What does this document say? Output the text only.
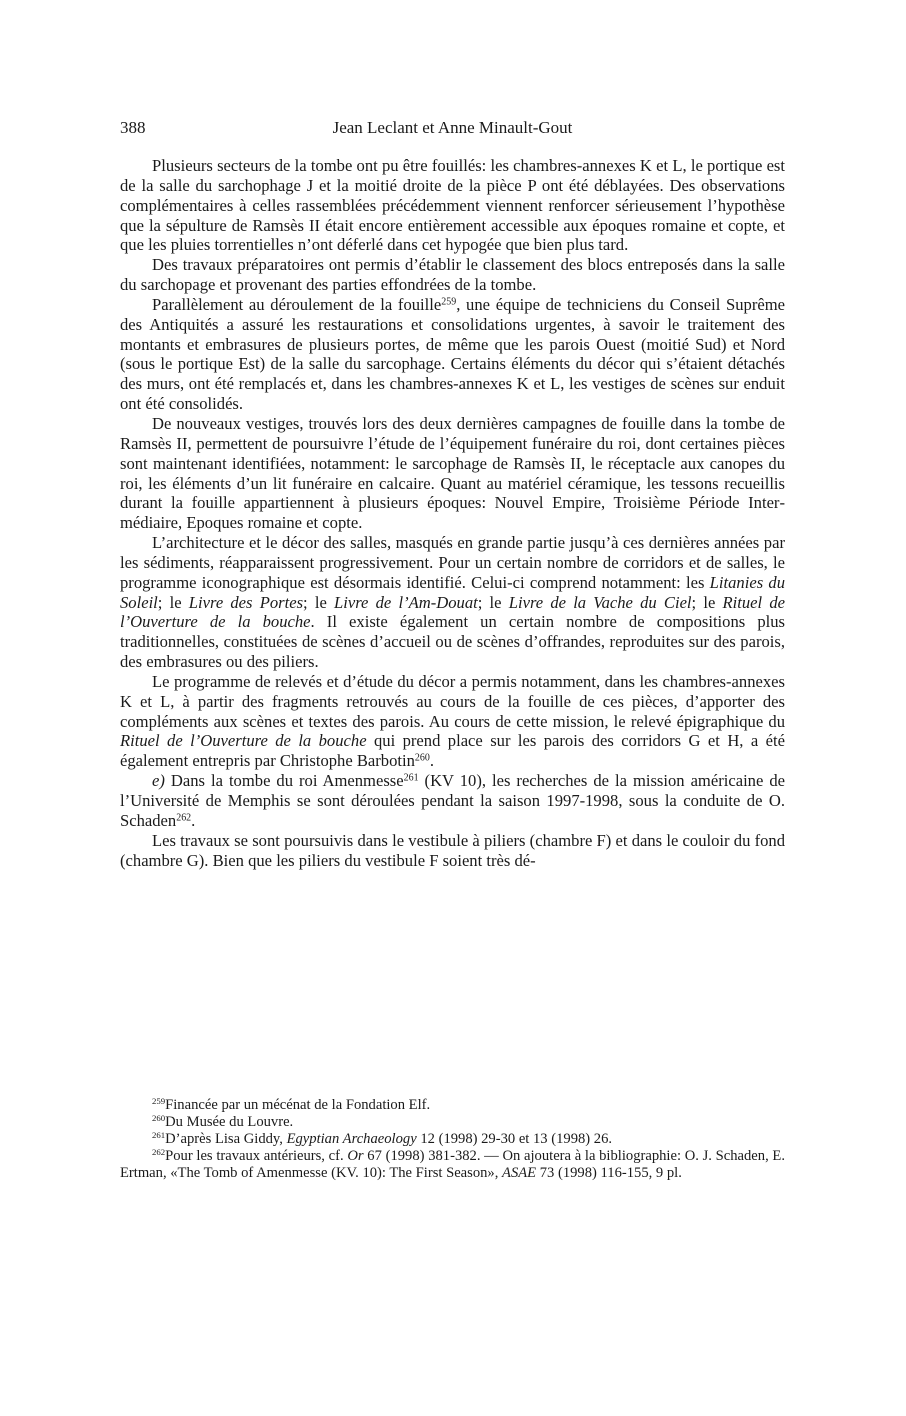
388	Jean Leclant et Anne Minault-Gout

Plusieurs secteurs de la tombe ont pu être fouillés: les chambres-annexes K et L, le portique est de la salle du sarchophage J et la moitié droite de la pièce P ont été déblayées. Des observations complémentaires à celles rassemblées précédemment viennent renforcer sérieusement l’hypothèse que la sépulture de Ramsès II était encore entièrement accessible aux époques romaine et copte, et que les pluies torrentielles n’ont déferlé dans cet hypogée que bien plus tard.

Des travaux préparatoires ont permis d’établir le classement des blocs entreposés dans la salle du sarchopage et provenant des parties effondrées de la tombe.

Parallèlement au déroulement de la fouille$^{259}$, une équipe de techniciens du Conseil Suprême des Antiquités a assuré les restaurations et consolidations urgentes, à savoir le traitement des montants et embrasures de plusieurs portes, de même que les parois Ouest (moitié Sud) et Nord (sous le portique Est) de la salle du sarcophage. Certains éléments du décor qui s’étaient détachés des murs, ont été remplacés et, dans les chambres-annexes K et L, les vestiges de scènes sur enduit ont été consolidés.

De nouveaux vestiges, trouvés lors des deux dernières campagnes de fouille dans la tombe de Ramsès II, permettent de poursuivre l’étude de l’équipement funéraire du roi, dont certaines pièces sont maintenant identifiées, notamment: le sarcophage de Ramsès II, le réceptacle aux canopes du roi, les éléments d’un lit funéraire en calcaire. Quant au matériel céramique, les tessons recueillis durant la fouille appartiennent à plusieurs époques: Nouvel Empire, Troisième Période Intermédiaire, Epoques romaine et copte.

L’architecture et le décor des salles, masqués en grande partie jusqu’à ces dernières années par les sédiments, réapparaissent progressivement. Pour un certain nombre de corridors et de salles, le programme iconographique est désormais identifié. Celui-ci comprend notamment: les Litanies du Soleil; le Livre des Portes; le Livre de l’Am-Douat; le Livre de la Vache du Ciel; le Rituel de l’Ouverture de la bouche. Il existe également un certain nombre de compositions plus traditionnelles, constituées de scènes d’accueil ou de scènes d’offrandes, reproduites sur des parois, des embrasures ou des piliers.

Le programme de relevés et d’étude du décor a permis notamment, dans les chambres-annexes K et L, à partir des fragments retrouvés au cours de la fouille de ces pièces, d’apporter des compléments aux scènes et textes des parois. Au cours de cette mission, le relevé épigraphique du Rituel de l’Ouverture de la bouche qui prend place sur les parois des corridors G et H, a été également entrepris par Christophe Barbotin$^{260}$.

e) Dans la tombe du roi Amenmesse$^{261}$ (KV 10), les recherches de la mission américaine de l’Université de Memphis se sont déroulées pendant la saison 1997-1998, sous la conduite de O. Schaden$^{262}$.

Les travaux se sont poursuivis dans le vestibule à piliers (chambre F) et dans le couloir du fond (chambre G). Bien que les piliers du vestibule F soient très dé-

$^{259}$Financée par un mécénat de la Fondation Elf.

$^{260}$Du Musée du Louvre.

$^{261}$D’après Lisa Giddy, Egyptian Archaeology 12 (1998) 29-30 et 13 (1998) 26.

$^{262}$Pour les travaux antérieurs, cf. Or 67 (1998) 381-382. — On ajoutera à la bibliographie: O. J. Schaden, E. Ertman, «The Tomb of Amenmesse (KV. 10): The First Season», ASAE 73 (1998) 116-155, 9 pl.
